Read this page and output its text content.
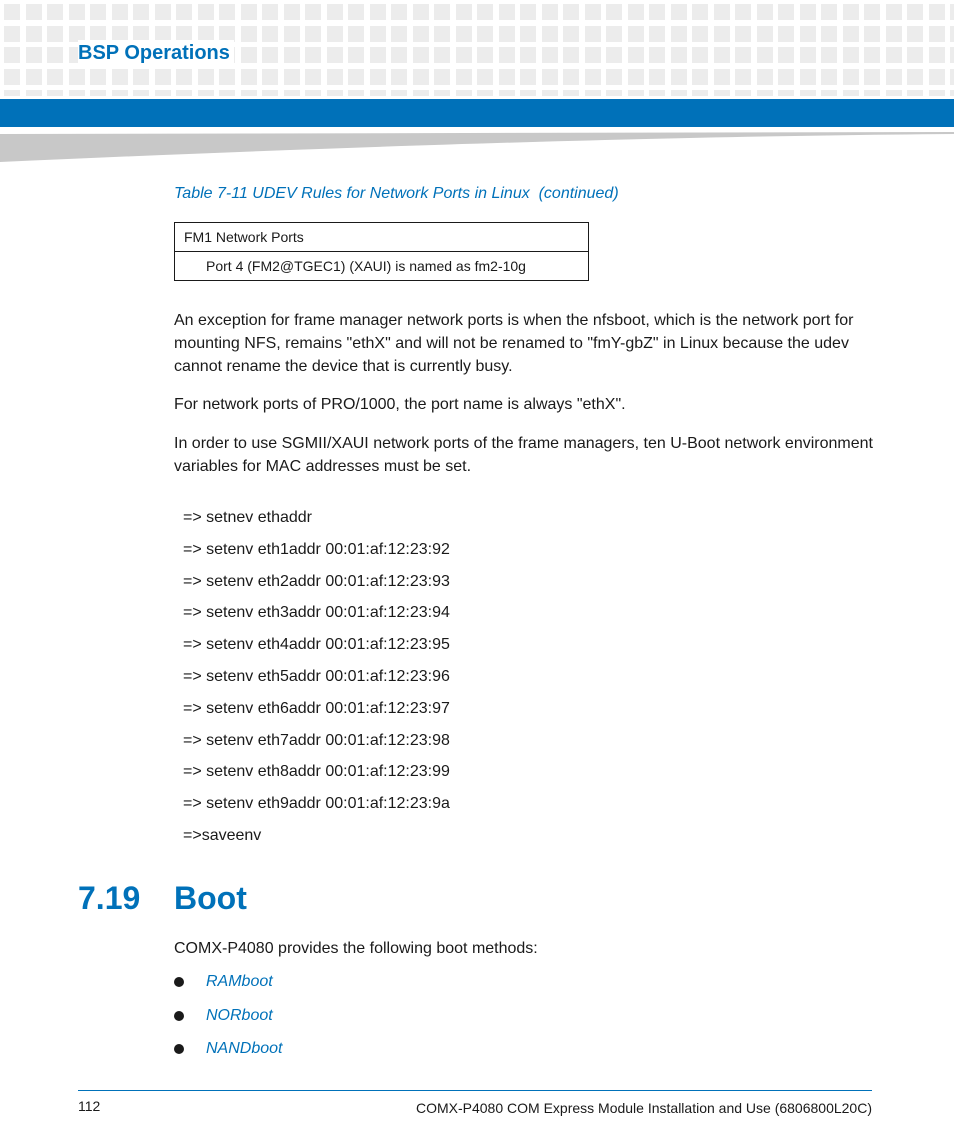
BSP Operations

Table 7-11 UDEV Rules for Network Ports in Linux  (continued)

FM1 Network Ports
Port 4 (FM2@TGEC1) (XAUI) is named as fm2-10g

An exception for frame manager network ports is when the nfsboot, which is the network port for mounting NFS, remains "ethX" and will not be renamed to "fmY-gbZ" in Linux because the udev cannot rename the device that is currently busy.

For network ports of PRO/1000, the port name is always "ethX".

In order to use SGMII/XAUI network ports of the frame managers, ten U-Boot network environment variables for MAC addresses must be set.

=> setnev ethaddr
=> setenv eth1addr 00:01:af:12:23:92
=> setenv eth2addr 00:01:af:12:23:93
=> setenv eth3addr 00:01:af:12:23:94
=> setenv eth4addr 00:01:af:12:23:95
=> setenv eth5addr 00:01:af:12:23:96
=> setenv eth6addr 00:01:af:12:23:97
=> setenv eth7addr 00:01:af:12:23:98
=> setenv eth8addr 00:01:af:12:23:99
=> setenv eth9addr 00:01:af:12:23:9a
=>saveenv
7.19 Boot

COMX-P4080 provides the following boot methods:

RAMboot
NORboot
NANDboot
112	COMX-P4080 COM Express Module Installation and Use (6806800L20C)
